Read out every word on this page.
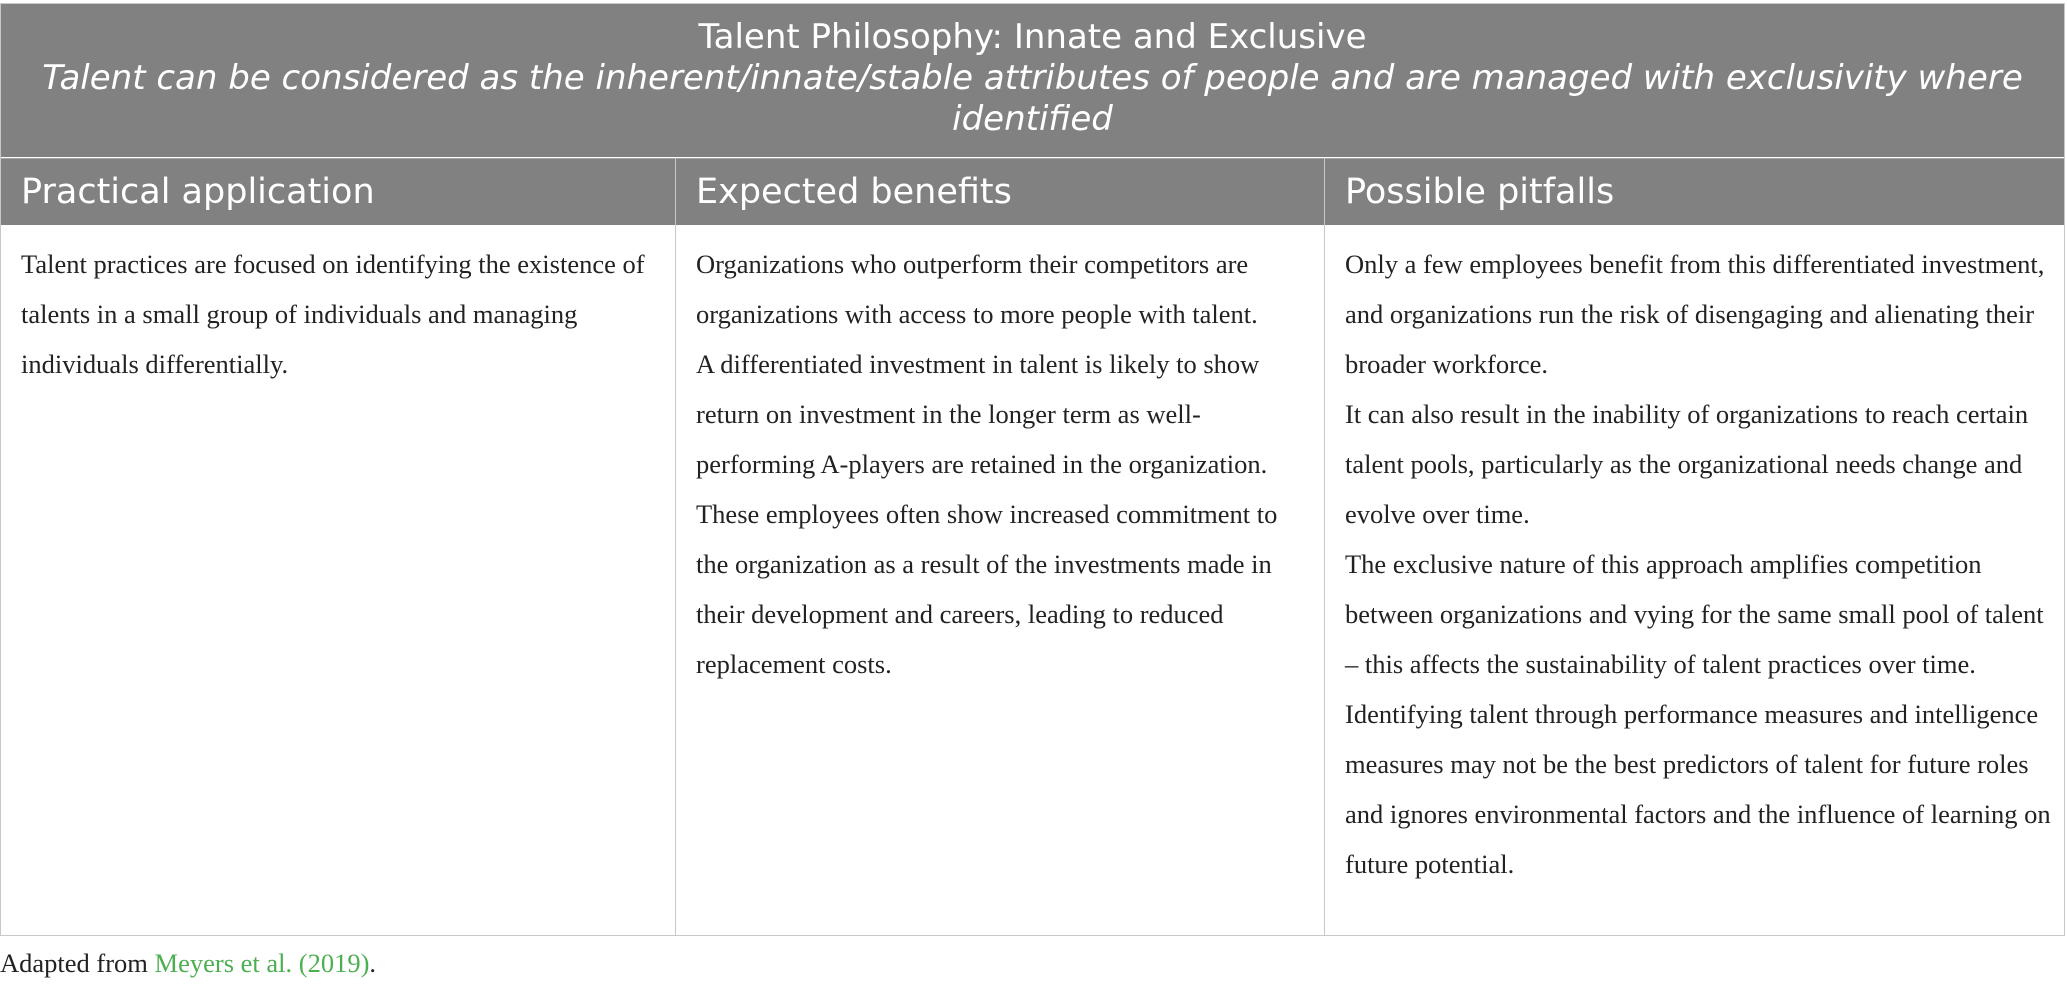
Talent Philosophy: Innate and Exclusive
Talent can be considered as the inherent/innate/stable attributes of people and are managed with exclusivity where identified
Practical application	Expected benefits	Possible pitfalls

Talent practices are focused on identifying the existence of talents in a small group of individuals and managing individuals differentially.

Organizations who outperform their competitors are organizations with access to more people with talent.

A differentiated investment in talent is likely to show return on investment in the longer term as well-performing A-players are retained in the organization.

These employees often show increased commitment to the organization as a result of the investments made in their development and careers, leading to reduced replacement costs.

Only a few employees benefit from this differentiated investment, and organizations run the risk of disengaging and alienating their broader workforce.

It can also result in the inability of organizations to reach certain talent pools, particularly as the organizational needs change and evolve over time.

The exclusive nature of this approach amplifies competition between organizations and vying for the same small pool of talent – this affects the sustainability of talent practices over time.

Identifying talent through performance measures and intelligence measures may not be the best predictors of talent for future roles and ignores environmental factors and the influence of learning on future potential.

Adapted from Meyers et al. (2019).
